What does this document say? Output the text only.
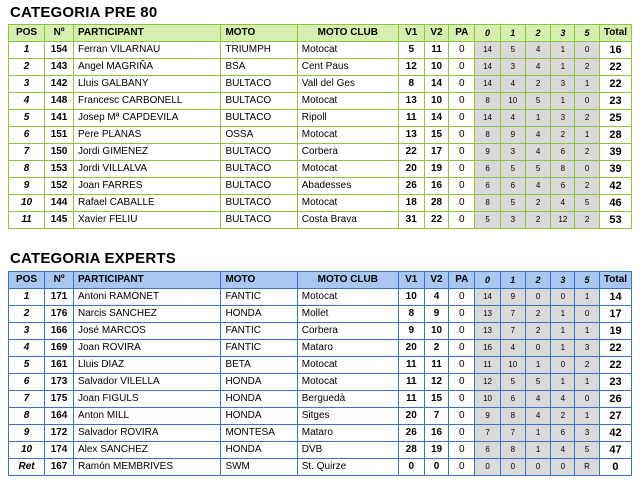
CATEGORIA PRE 80
POS	Nº	PARTICIPANT	MOTO	MOTO CLUB	V1	V2	PA	0	1	2	3	5	Total
1	154	Ferran VILARNAU	TRIUMPH	Motocat	5	11	0	14	5	4	1	0	16
2	143	Angel MAGRIÑA	BSA	Cent Paus	12	10	0	14	3	4	1	2	22
3	142	Lluis GALBANY	BULTACO	Vall del Ges	8	14	0	14	4	2	3	1	22
4	148	Francesc CARBONELL	BULTACO	Motocat	13	10	0	8	10	5	1	0	23
5	141	Josep Mª CAPDEVILA	BULTACO	Ripoll	11	14	0	14	4	1	3	2	25
6	151	Pere PLANAS	OSSA	Motocat	13	15	0	8	9	4	2	1	28
7	150	Jordi GIMENEZ	BULTACO	Corbera	22	17	0	9	3	4	6	2	39
8	153	Jordi VILLALVA	BULTACO	Motocat	20	19	0	6	5	5	8	0	39
9	152	Joan FARRES	BULTACO	Abadesses	26	16	0	6	6	4	6	2	42
10	144	Rafael CABALLE	BULTACO	Motocat	18	28	0	8	5	2	4	5	46
11	145	Xavier FELIU	BULTACO	Costa Brava	31	22	0	5	3	2	12	2	53
CATEGORIA EXPERTS
POS	Nº	PARTICIPANT	MOTO	MOTO CLUB	V1	V2	PA	0	1	2	3	5	Total
1	171	Antoni RAMONET	FANTIC	Motocat	10	4	0	14	9	0	0	1	14
2	176	Narcis SANCHEZ	HONDA	Mollet	8	9	0	13	7	2	1	0	17
3	166	José MARCOS	FANTIC	Corbera	9	10	0	13	7	2	1	1	19
4	169	Joan ROVIRA	FANTIC	Mataro	20	2	0	16	4	0	1	3	22
5	161	Lluis DIAZ	BETA	Motocat	11	11	0	11	10	1	0	2	22
6	173	Salvador VILELLA	HONDA	Motocat	11	12	0	12	5	5	1	1	23
7	175	Joan FIGULS	HONDA	Berguedà	11	15	0	10	6	4	4	0	26
8	164	Anton MILL	HONDA	Sitges	20	7	0	9	8	4	2	1	27
9	172	Salvador ROVIRA	MONTESA	Mataro	26	16	0	7	7	1	6	3	42
10	174	Alex SANCHEZ	HONDA	DVB	28	19	0	6	8	1	4	5	47
Ret	167	Ramón MEMBRIVES	SWM	St. Quirze	0	0	0	0	0	0	0	R	0
